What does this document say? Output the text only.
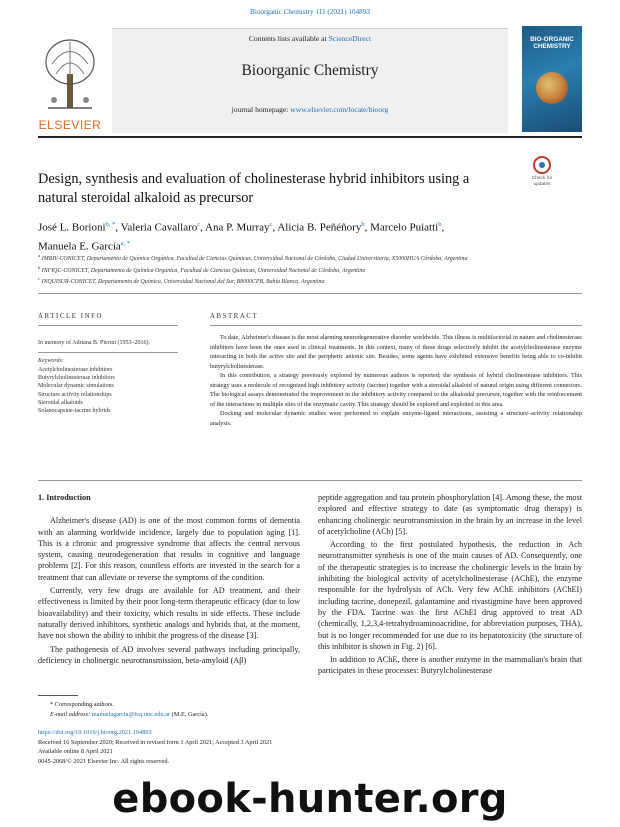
Bioorganic Chemistry 111 (2021) 104893
ELSEVIER
Contents lists available at ScienceDirect
Bioorganic Chemistry
journal homepage: www.elsevier.com/locate/bioorg
BIO-ORGANIC
CHEMISTRY
Design, synthesis and evaluation of cholinesterase hybrid inhibitors using a natural steroidal alkaloid as precursor
Check for
updates
José L. Borioni$^{b, *}$, Valeria Cavallaro$^c$, Ana P. Murray$^c$, Alicia B. Peñéñory$^b$, Marcelo Puiatti$^b$,
Manuela E. García$^{a, *}$
$^a$ IMBIV-CONICET, Departamento de Química Orgánica, Facultad de Ciencias Químicas, Universidad Nacional de Córdoba, Ciudad Universitaria, X5000HUA Córdoba, Argentina
$^b$ INFIQC-CONICET, Departamento de Química Orgánica, Facultad de Ciencias Químicas, Universidad Nacional de Córdoba, Argentina
$^c$ INQUISUR-CONICET, Departamento de Química, Universidad Nacional del Sur, B8000CPB, Bahía Blanca, Argentina
ARTICLE INFO
In memory of Adriana B. Pierini (1953–2016).
Keywords:
Acetylcholinesterase inhibitors
Butyrylcholinesterase inhibitors
Molecular dynamic simulations
Structure activity relationships
Steroidal alkaloids
Solanocapsine-tacrine hybrids
ABSTRACT

To date, Alzheimer's disease is the most alarming neurodegenerative disorder worldwide. This illness is multifactorial in nature and cholinesterase inhibitors have been the ones used in clinical treatments. In this context, many of these drugs selectively inhibit the acetylcholinesterase enzyme interacting in both the active site and the peripheric anionic site. Besides, some agents have exhibited extensive benefits being able to co-inhibit butyrylcholinesterase.

In this contribution, a strategy previously explored by numerous authors is reported; the synthesis of hybrid cholinesterase inhibitors. This strategy uses a molecule of recognized high inhibitory activity (tacrine) together with a steroidal alkaloid of natural origin using different connectors. The biological assays demonstrated the improvement in the inhibitory activity compared to the alkaloidal precursor, together with the reinforcement of the interactions in multiple sites of the enzymatic cavity. This strategy should be explored and exploited in this area.

Docking and molecular dynamic studies were performed to explain enzyme-ligand interactions, assisting a structure–activity relationship analysis.

1. Introduction

Alzheimer's disease (AD) is one of the most common forms of dementia with an alarming worldwide incidence, largely due to population aging [1]. This is a chronic and progressive syndrome that affects the central nervous system, causing neurodegeneration that results in cognitive and language problems [2]. For this reason, countless efforts are invested in the search for a treatment that can alleviate or reverse the symptoms of the condition.

Currently, very few drugs are available for AD treatment, and their effectiveness is limited by their poor long-term therapeutic efficacy (due to low bioavailability) and their toxicity, which results in side effects. These include naturally derived inhibitors, synthetic analogs and hybrids that, at the moment, have not shown the ability to inhibit the progress of the disease [3].

The pathogenesis of AD involves several pathways including principally, deficiency in cholinergic neurotransmission, beta-amyloid (Aβ)

peptide aggregation and tau protein phosphorylation [4]. Among these, the most explored and effective strategy to date (as symptomatic drug therapy) is enhancing cholinergic neurotransmission in the brain by an increase in the level of acetylcholine (ACh) [5].

According to the first postulated hypothesis, the reduction in Ach neurotransmitter synthesis is one of the main causes of AD. Consequently, one of the therapeutic strategies is to increase the cholinergic levels in the brain by inhibiting the biological activity of acetylcholinesterase (AChE), the enzyme responsible for the hydrolysis of ACh. Very few AChE inhibitors (AChEI) including tacrine, donepezil, galantamine and rivastigmine have been approved by the FDA. Tacrine was the first AChEI drug approved to treat AD (chemically, 1,2,3,4-tetrahydroaminoacridine, for abbreviation purposes, THA), but is no longer recommended for use due to its hepatotoxicity (the structure of this inhibitor is shown in Fig. 2) [6].

In addition to AChE, there is another enzyme in the mammalian's brain that participates in these processes: Butyrylcholinesterase

* Corresponding authors.
E-mail address: manuelagarcia@fcq.unc.edu.ar (M.E. García).
https://doi.org/10.1016/j.bioorg.2021.104893
Received 16 September 2020; Received in revised form 1 April 2021; Accepted 3 April 2021
Available online 8 April 2021
0045-2068/© 2021 Elsevier Inc. All rights reserved.
ebook-hunter.org
